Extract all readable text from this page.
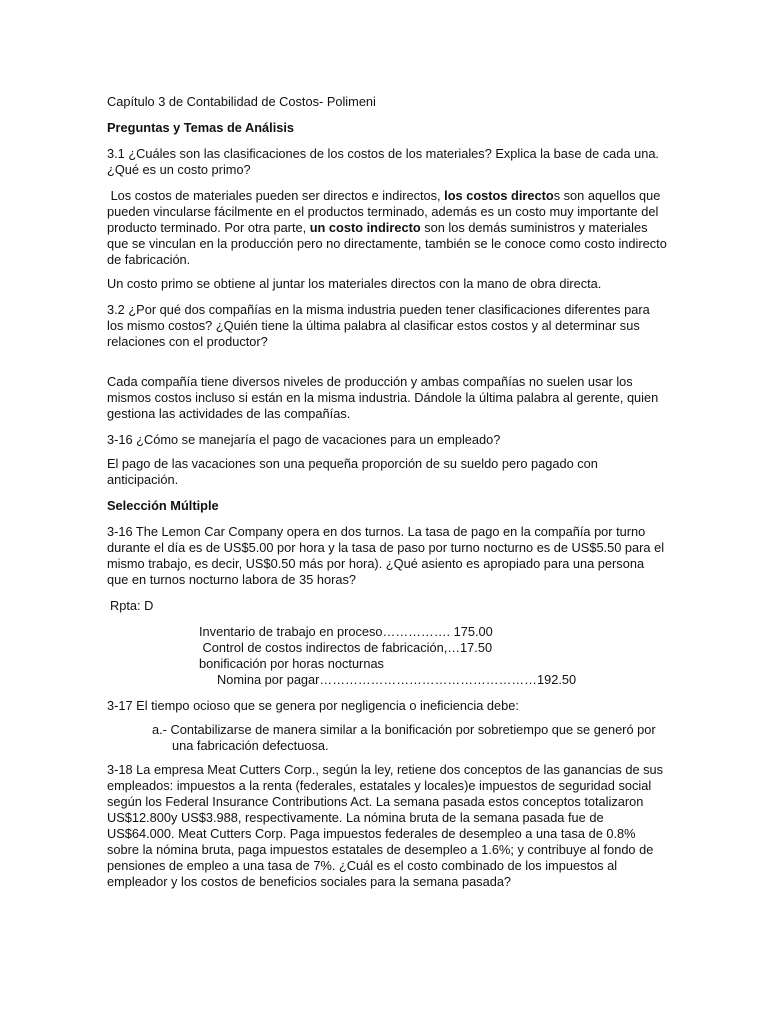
Capítulo 3 de Contabilidad de Costos- Polimeni

Preguntas y Temas de Análisis

3.1 ¿Cuáles son las clasificaciones de los costos de los materiales? Explica la base de cada una. ¿Qué es un costo primo?

Los costos de materiales pueden ser directos e indirectos, los costos directos son aquellos que pueden vincularse fácilmente en el productos terminado, además es un costo muy importante del producto terminado. Por otra parte, un costo indirecto son los demás suministros y materiales que se vinculan en la producción pero no directamente, también se le conoce como costo indirecto de fabricación.

Un costo primo se obtiene al juntar los materiales directos con la mano de obra directa.

3.2 ¿Por qué dos compañías en la misma industria pueden tener clasificaciones diferentes para los mismo costos? ¿Quién tiene la última palabra al clasificar estos costos y al determinar sus relaciones con el productor?

Cada compañía tiene diversos niveles de producción y ambas compañías no suelen usar los mismos costos incluso si están en la misma industria. Dándole la última palabra al gerente, quien gestiona las actividades de las compañías.

3-16 ¿Cómo se manejaría el pago de vacaciones para un empleado?

El pago de las vacaciones son una pequeña proporción de su sueldo pero pagado con anticipación.

Selección Múltiple

3-16 The Lemon Car Company opera en dos turnos. La tasa de pago en la compañía por turno durante el día es de US$5.00 por hora y la tasa de paso por turno nocturno es de US$5.50 para el mismo trabajo, es decir, US$0.50 más por hora). ¿Qué asiento es apropiado para una persona que en turnos nocturno labora de 35 horas?

Rpta: D

Inventario de trabajo en proceso……………. 175.00

Control de costos indirectos de fabricación,…17.50

bonificación por horas nocturnas

Nomina por pagar……………………………………………192.50

3-17 El tiempo ocioso que se genera por negligencia o ineficiencia debe:

a.- Contabilizarse de manera similar a la bonificación por sobretiempo que se generó por una fabricación defectuosa.

3-18 La empresa Meat Cutters Corp., según la ley, retiene dos conceptos de las ganancias de sus empleados: impuestos a la renta (federales, estatales y locales)e impuestos de seguridad social según los Federal Insurance Contributions Act. La semana pasada estos conceptos totalizaron US$12.800y US$3.988, respectivamente. La nómina bruta de la semana pasada fue de US$64.000. Meat Cutters Corp. Paga impuestos federales de desempleo a una tasa de 0.8% sobre la nómina bruta, paga impuestos estatales de desempleo a 1.6%; y contribuye al fondo de pensiones de empleo a una tasa de 7%. ¿Cuál es el costo combinado de los impuestos al empleador y los costos de beneficios sociales para la semana pasada?
